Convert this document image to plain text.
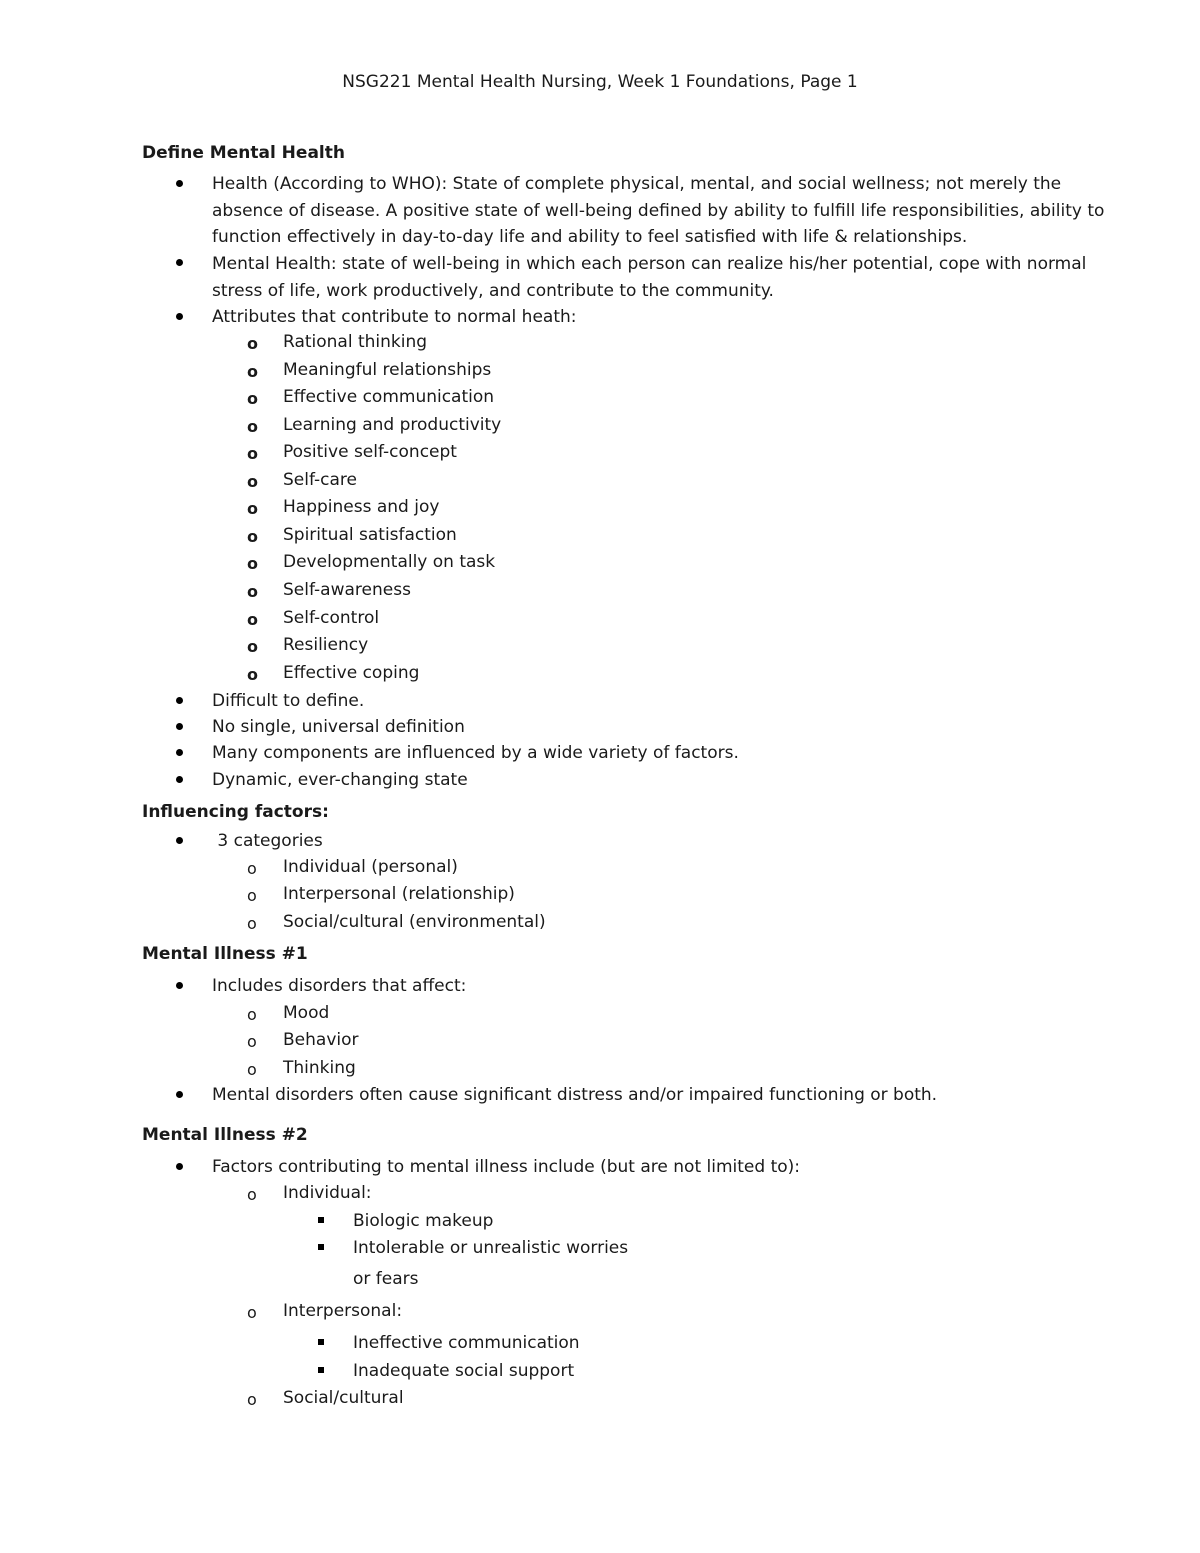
NSG221 Mental Health Nursing, Week 1 Foundations, Page 1
Define Mental Health
Health (According to WHO): State of complete physical, mental, and social wellness; not merely the
absence of disease. A positive state of well-being defined by ability to fulfill life responsibilities, ability to
function effectively in day-to-day life and ability to feel satisfied with life & relationships.
Mental Health: state of well-being in which each person can realize his/her potential, cope with normal
stress of life, work productively, and contribute to the community.
Attributes that contribute to normal heath:
o Rational thinking
o Meaningful relationships
o Effective communication
o Learning and productivity
o Positive self-concept
o Self-care
o Happiness and joy
o Spiritual satisfaction
o Developmentally on task
o Self-awareness
o Self-control
o Resiliency
o Effective coping
Difficult to define.
No single, universal definition
Many components are influenced by a wide variety of factors.
Dynamic, ever-changing state
Influencing factors:
3 categories
o Individual (personal)
o Interpersonal (relationship)
o Social/cultural (environmental)
Mental Illness #1
Includes disorders that affect:
o Mood
o Behavior
o Thinking
Mental disorders often cause significant distress and/or impaired functioning or both.
Mental Illness #2
Factors contributing to mental illness include (but are not limited to):
o Individual:
Biologic makeup
Intolerable or unrealistic worries
or fears
o Interpersonal:
Ineffective communication
Inadequate social support
o Social/cultural
